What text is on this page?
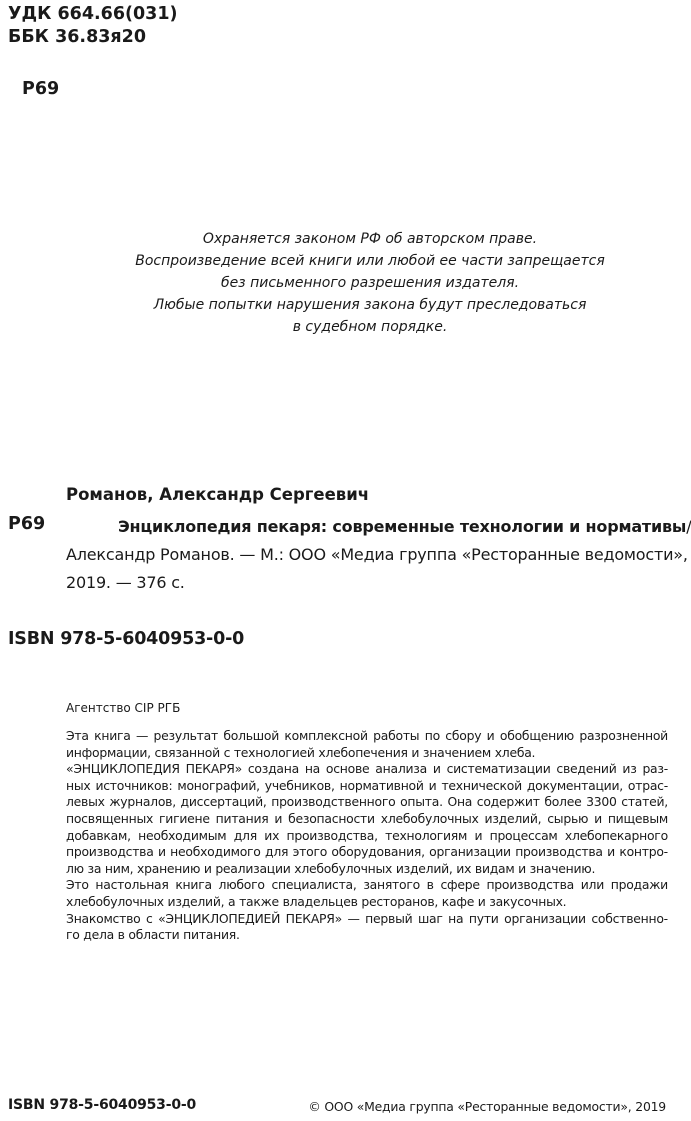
УДК 664.66(031)
ББК 36.83я20
Р69
Охраняется законом РФ об авторском праве.
Воспроизведение всей книги или любой ее части запрещается
без письменного разрешения издателя.
Любые попытки нарушения закона будут преследоваться
в судебном порядке.
Романов, Александр Сергеевич
Р69	Энциклопедия пекаря: современные технологии и нормативы /
Александр Романов. — М.: ООО «Медиа группа «Ресторанные ведомости»,
2019. — 376 с.
ISBN 978-5-6040953-0-0
Агентство CIP РГБ
Эта книга — результат большой комплексной работы по сбору и обобщению разрозненной
информации, связанной с технологией хлебопечения и значением хлеба.
«ЭНЦИКЛОПЕДИЯ ПЕКАРЯ» создана на основе анализа и систематизации сведений из раз-
ных источников: монографий, учебников, нормативной и технической документации, отрас-
левых журналов, диссертаций, производственного опыта. Она содержит более 3300 статей,
посвященных гигиене питания и безопасности хлебобулочных изделий, сырью и пищевым
добавкам, необходимым для их производства, технологиям и процессам хлебопекарного
производства и необходимого для этого оборудования, организации производства и контро-
лю за ним, хранению и реализации хлебобулочных изделий, их видам и значению.
Это настольная книга любого специалиста, занятого в сфере производства или продажи
хлебобулочных изделий, а также владельцев ресторанов, кафе и закусочных.
Знакомство с «ЭНЦИКЛОПЕДИЕЙ ПЕКАРЯ» — первый шаг на пути организации собственно-
го дела в области питания.
ISBN 978-5-6040953-0-0	© ООО «Медиа группа «Ресторанные ведомости», 2019
